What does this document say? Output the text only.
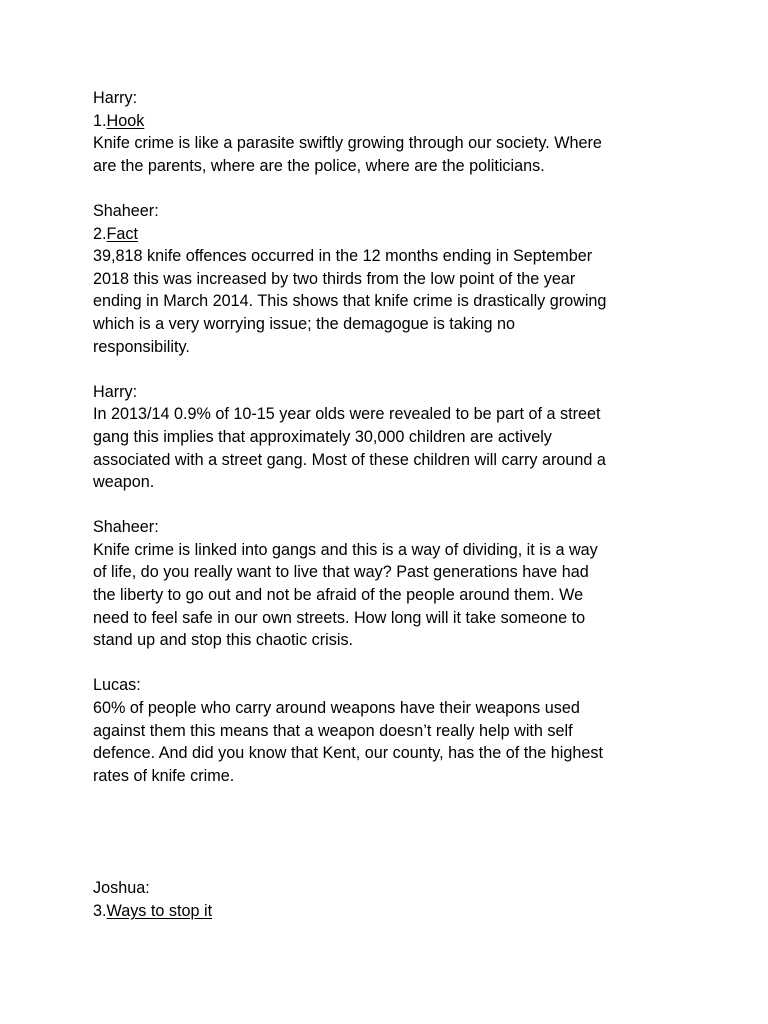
Harry:

1.Hook

Knife crime is like a parasite swiftly growing through our society. Where

are the parents, where are the police, where are the politicians.

Shaheer:

2.Fact

39,818 knife offences occurred in the 12 months ending in September

2018 this was increased by two thirds from the low point of the year

ending in March 2014. This shows that knife crime is drastically growing

which is a very worrying issue; the demagogue is taking no

responsibility.

Harry:

In 2013/14 0.9% of 10-15 year olds were revealed to be part of a street

gang this implies that approximately 30,000 children are actively

associated with a street gang. Most of these children will carry around a

weapon.

Shaheer:

Knife crime is linked into gangs and this is a way of dividing, it is a way

of life, do you really want to live that way? Past generations have had

the liberty to go out and not be afraid of the people around them. We

need to feel safe in our own streets. How long will it take someone to

stand up and stop this chaotic crisis.

Lucas:

60% of people who carry around weapons have their weapons used

against them this means that a weapon doesn’t really help with self

defence. And did you know that Kent, our county, has the of the highest

rates of knife crime.

Joshua:

3.Ways to stop it
